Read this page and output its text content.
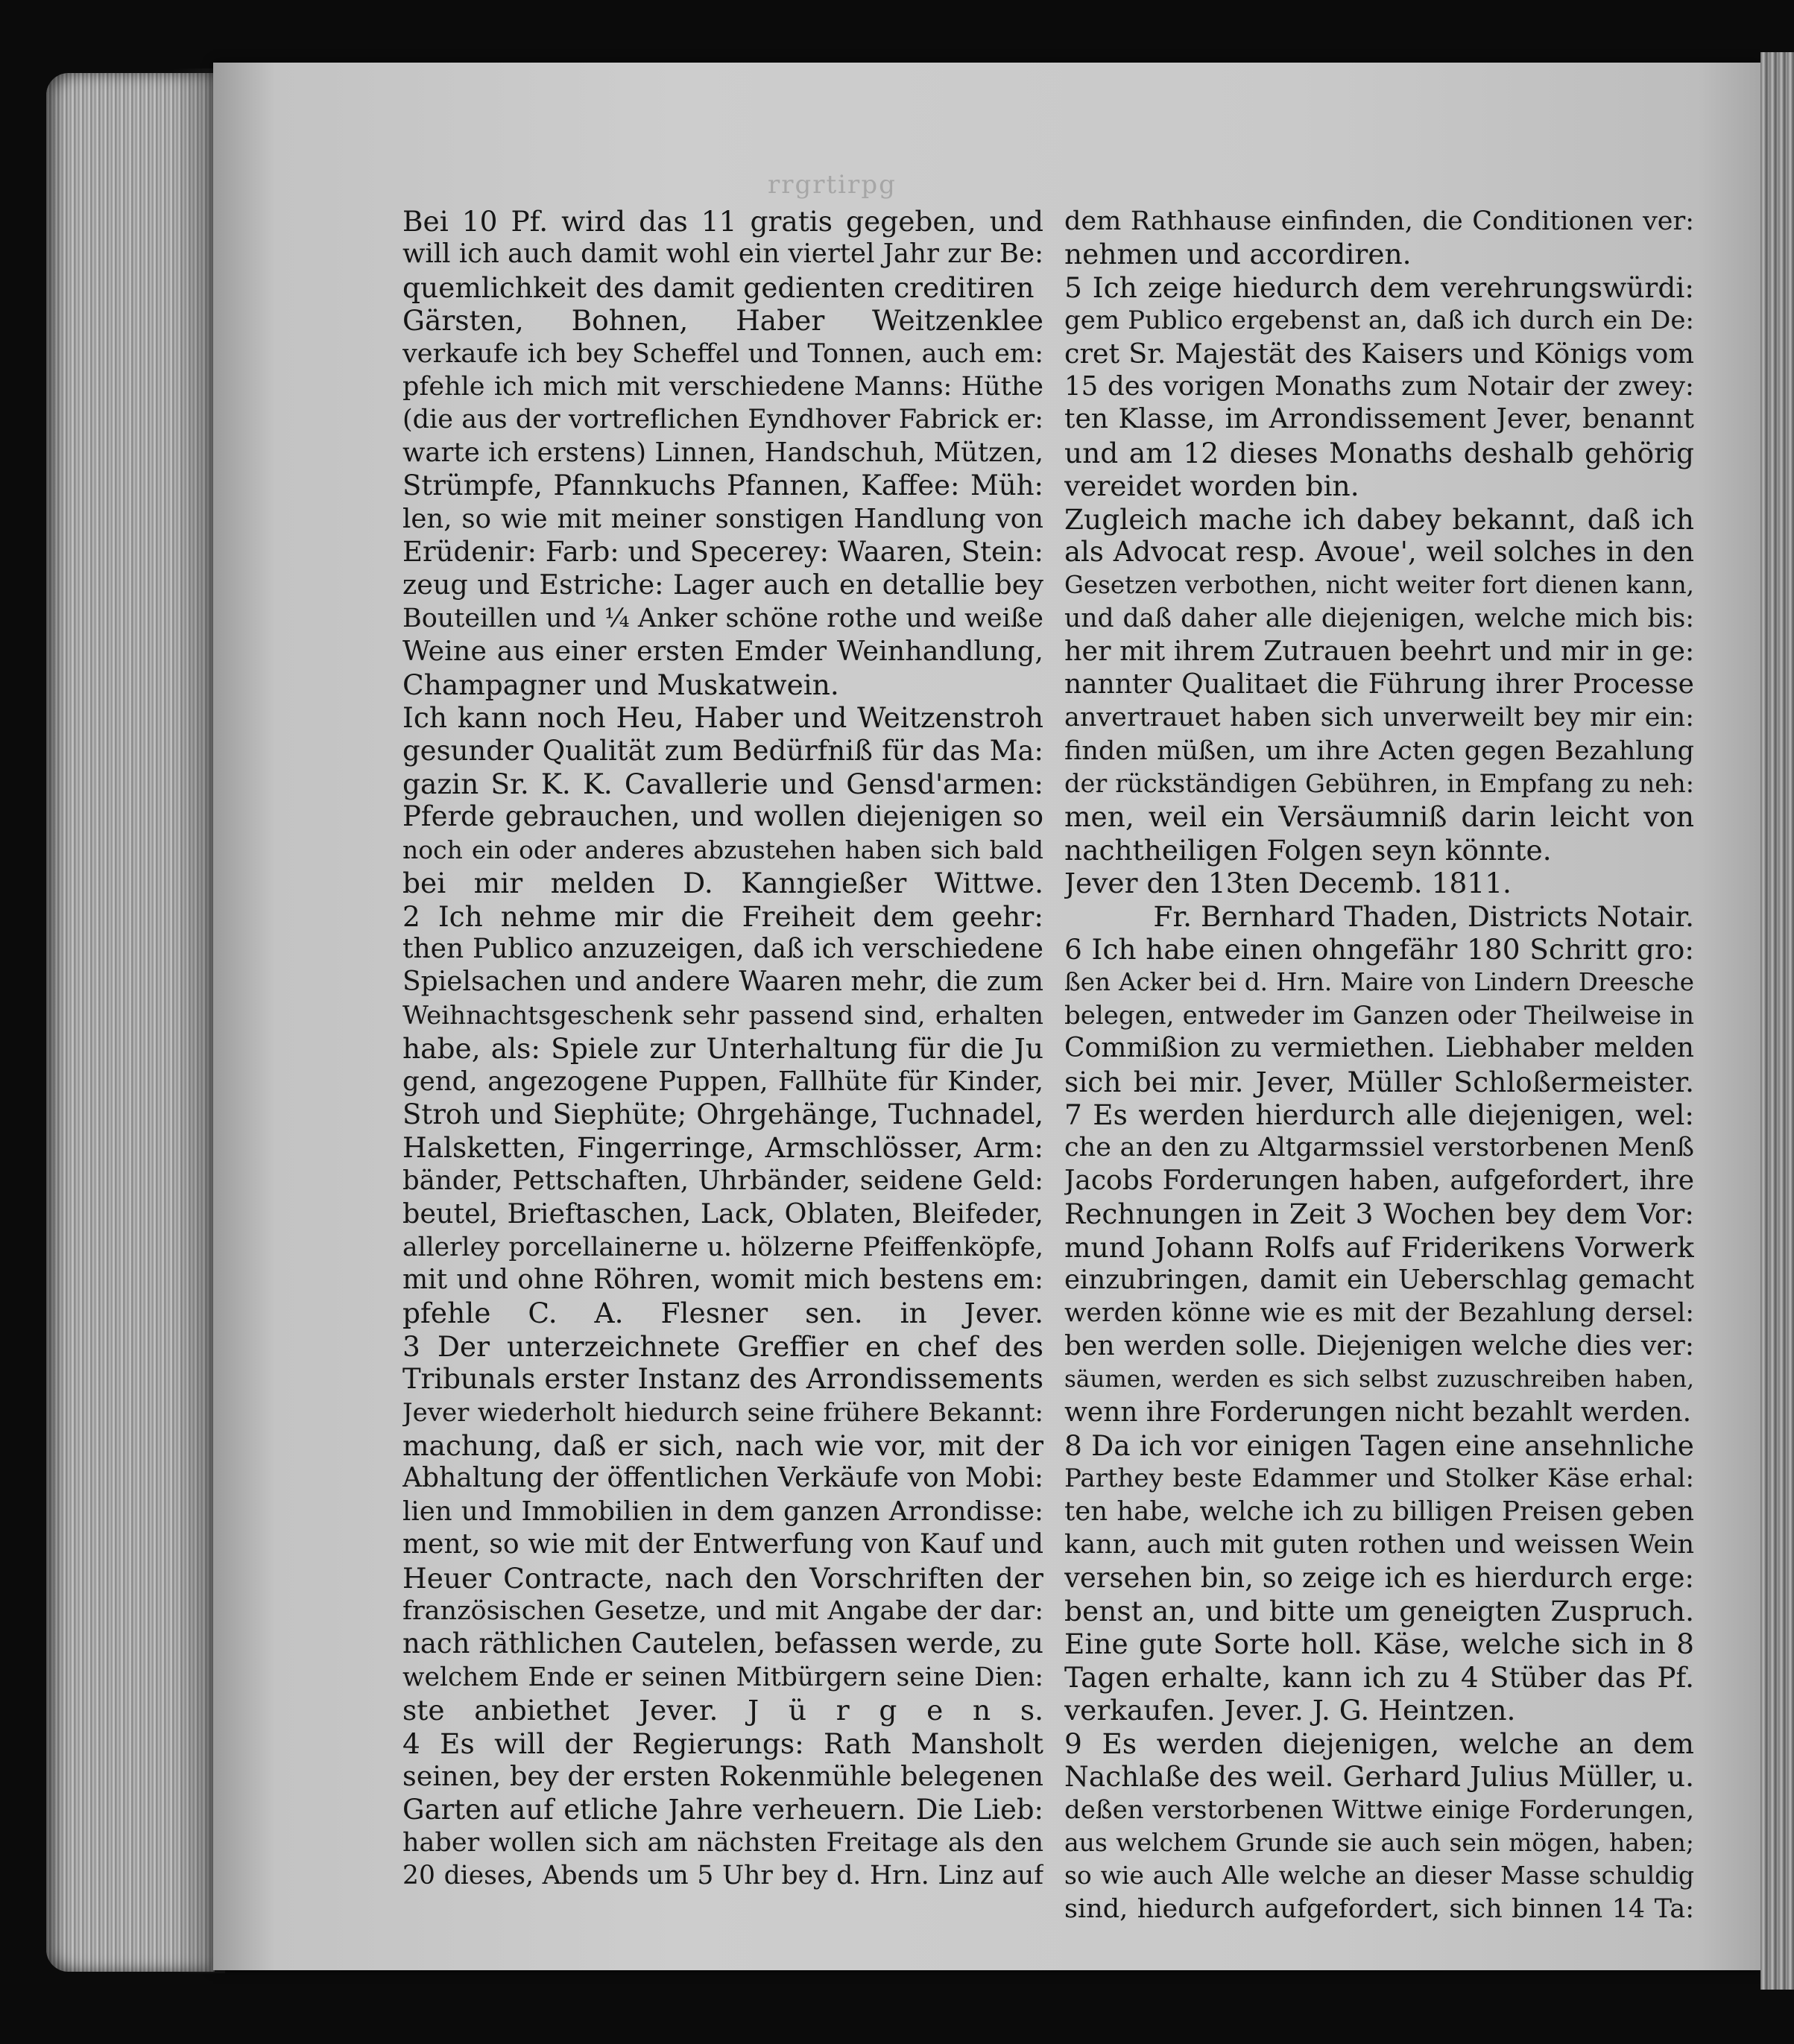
rrgrtirpg
Bei 10 Pf. wird das 11 gratis gegeben, und
will ich auch damit wohl ein viertel Jahr zur Be:
quemlichkeit des damit gedienten creditiren
Gärsten, Bohnen, Haber Weitzenklee
verkaufe ich bey Scheffel und Tonnen, auch em:
pfehle ich mich mit verschiedene Manns: Hüthe
(die aus der vortreflichen Eyndhover Fabrick er:
warte ich erstens) Linnen, Handschuh, Mützen,
Strümpfe, Pfannkuchs Pfannen, Kaffee: Müh:
len, so wie mit meiner sonstigen Handlung von
Erüdenir: Farb: und Specerey: Waaren, Stein:
zeug und Estriche: Lager auch en detallie bey
Bouteillen und ¼ Anker schöne rothe und weiße
Weine aus einer ersten Emder Weinhandlung,
Champagner und Muskatwein.
Ich kann noch Heu, Haber und Weitzenstroh
gesunder Qualität zum Bedürfniß für das Ma:
gazin Sr. K. K. Cavallerie und Gensd'armen:
Pferde gebrauchen, und wollen diejenigen so
noch ein oder anderes abzustehen haben sich bald
bei mir melden D. Kanngießer Wittwe.
2 Ich nehme mir die Freiheit dem geehr:
then Publico anzuzeigen, daß ich verschiedene
Spielsachen und andere Waaren mehr, die zum
Weihnachtsgeschenk sehr passend sind, erhalten
habe, als: Spiele zur Unterhaltung für die Ju
gend, angezogene Puppen, Fallhüte für Kinder,
Stroh und Siephüte; Ohrgehänge, Tuchnadel,
Halsketten, Fingerringe, Armschlösser, Arm:
bänder, Pettschaften, Uhrbänder, seidene Geld:
beutel, Brieftaschen, Lack, Oblaten, Bleifeder,
allerley porcellainerne u. hölzerne Pfeiffenköpfe,
mit und ohne Röhren, womit mich bestens em:
pfehle C. A. Flesner sen. in Jever.
3 Der unterzeichnete Greffier en chef des
Tribunals erster Instanz des Arrondissements
Jever wiederholt hiedurch seine frühere Bekannt:
machung, daß er sich, nach wie vor, mit der
Abhaltung der öffentlichen Verkäufe von Mobi:
lien und Immobilien in dem ganzen Arrondisse:
ment, so wie mit der Entwerfung von Kauf und
Heuer Contracte, nach den Vorschriften der
französischen Gesetze, und mit Angabe der dar:
nach räthlichen Cautelen, befassen werde, zu
welchem Ende er seinen Mitbürgern seine Dien:
ste anbiethet Jever. J ü r g e n s.
4 Es will der Regierungs: Rath Mansholt
seinen, bey der ersten Rokenmühle belegenen
Garten auf etliche Jahre verheuern. Die Lieb:
haber wollen sich am nächsten Freitage als den
20 dieses, Abends um 5 Uhr bey d. Hrn. Linz auf
dem Rathhause einfinden, die Conditionen ver:
nehmen und accordiren.
5 Ich zeige hiedurch dem verehrungswürdi:
gem Publico ergebenst an, daß ich durch ein De:
cret Sr. Majestät des Kaisers und Königs vom
15 des vorigen Monaths zum Notair der zwey:
ten Klasse, im Arrondissement Jever, benannt
und am 12 dieses Monaths deshalb gehörig
vereidet worden bin.
Zugleich mache ich dabey bekannt, daß ich
als Advocat resp. Avoue', weil solches in den
Gesetzen verbothen, nicht weiter fort dienen kann,
und daß daher alle diejenigen, welche mich bis:
her mit ihrem Zutrauen beehrt und mir in ge:
nannter Qualitaet die Führung ihrer Processe
anvertrauet haben sich unverweilt bey mir ein:
finden müßen, um ihre Acten gegen Bezahlung
der rückständigen Gebühren, in Empfang zu neh:
men, weil ein Versäumniß darin leicht von
nachtheiligen Folgen seyn könnte.
Jever den 13ten Decemb. 1811.
Fr. Bernhard Thaden, Districts Notair.
6 Ich habe einen ohngefähr 180 Schritt gro:
ßen Acker bei d. Hrn. Maire von Lindern Dreesche
belegen, entweder im Ganzen oder Theilweise in
Commißion zu vermiethen. Liebhaber melden
sich bei mir. Jever, Müller Schloßermeister.
7 Es werden hierdurch alle diejenigen, wel:
che an den zu Altgarmssiel verstorbenen Menß
Jacobs Forderungen haben, aufgefordert, ihre
Rechnungen in Zeit 3 Wochen bey dem Vor:
mund Johann Rolfs auf Friderikens Vorwerk
einzubringen, damit ein Ueberschlag gemacht
werden könne wie es mit der Bezahlung dersel:
ben werden solle. Diejenigen welche dies ver:
säumen, werden es sich selbst zuzuschreiben haben,
wenn ihre Forderungen nicht bezahlt werden.
8 Da ich vor einigen Tagen eine ansehnliche
Parthey beste Edammer und Stolker Käse erhal:
ten habe, welche ich zu billigen Preisen geben
kann, auch mit guten rothen und weissen Wein
versehen bin, so zeige ich es hierdurch erge:
benst an, und bitte um geneigten Zuspruch.
Eine gute Sorte holl. Käse, welche sich in 8
Tagen erhalte, kann ich zu 4 Stüber das Pf.
verkaufen. Jever. J. G. Heintzen.
9 Es werden diejenigen, welche an dem
Nachlaße des weil. Gerhard Julius Müller, u.
deßen verstorbenen Wittwe einige Forderungen,
aus welchem Grunde sie auch sein mögen, haben;
so wie auch Alle welche an dieser Masse schuldig
sind, hiedurch aufgefordert, sich binnen 14 Ta:
